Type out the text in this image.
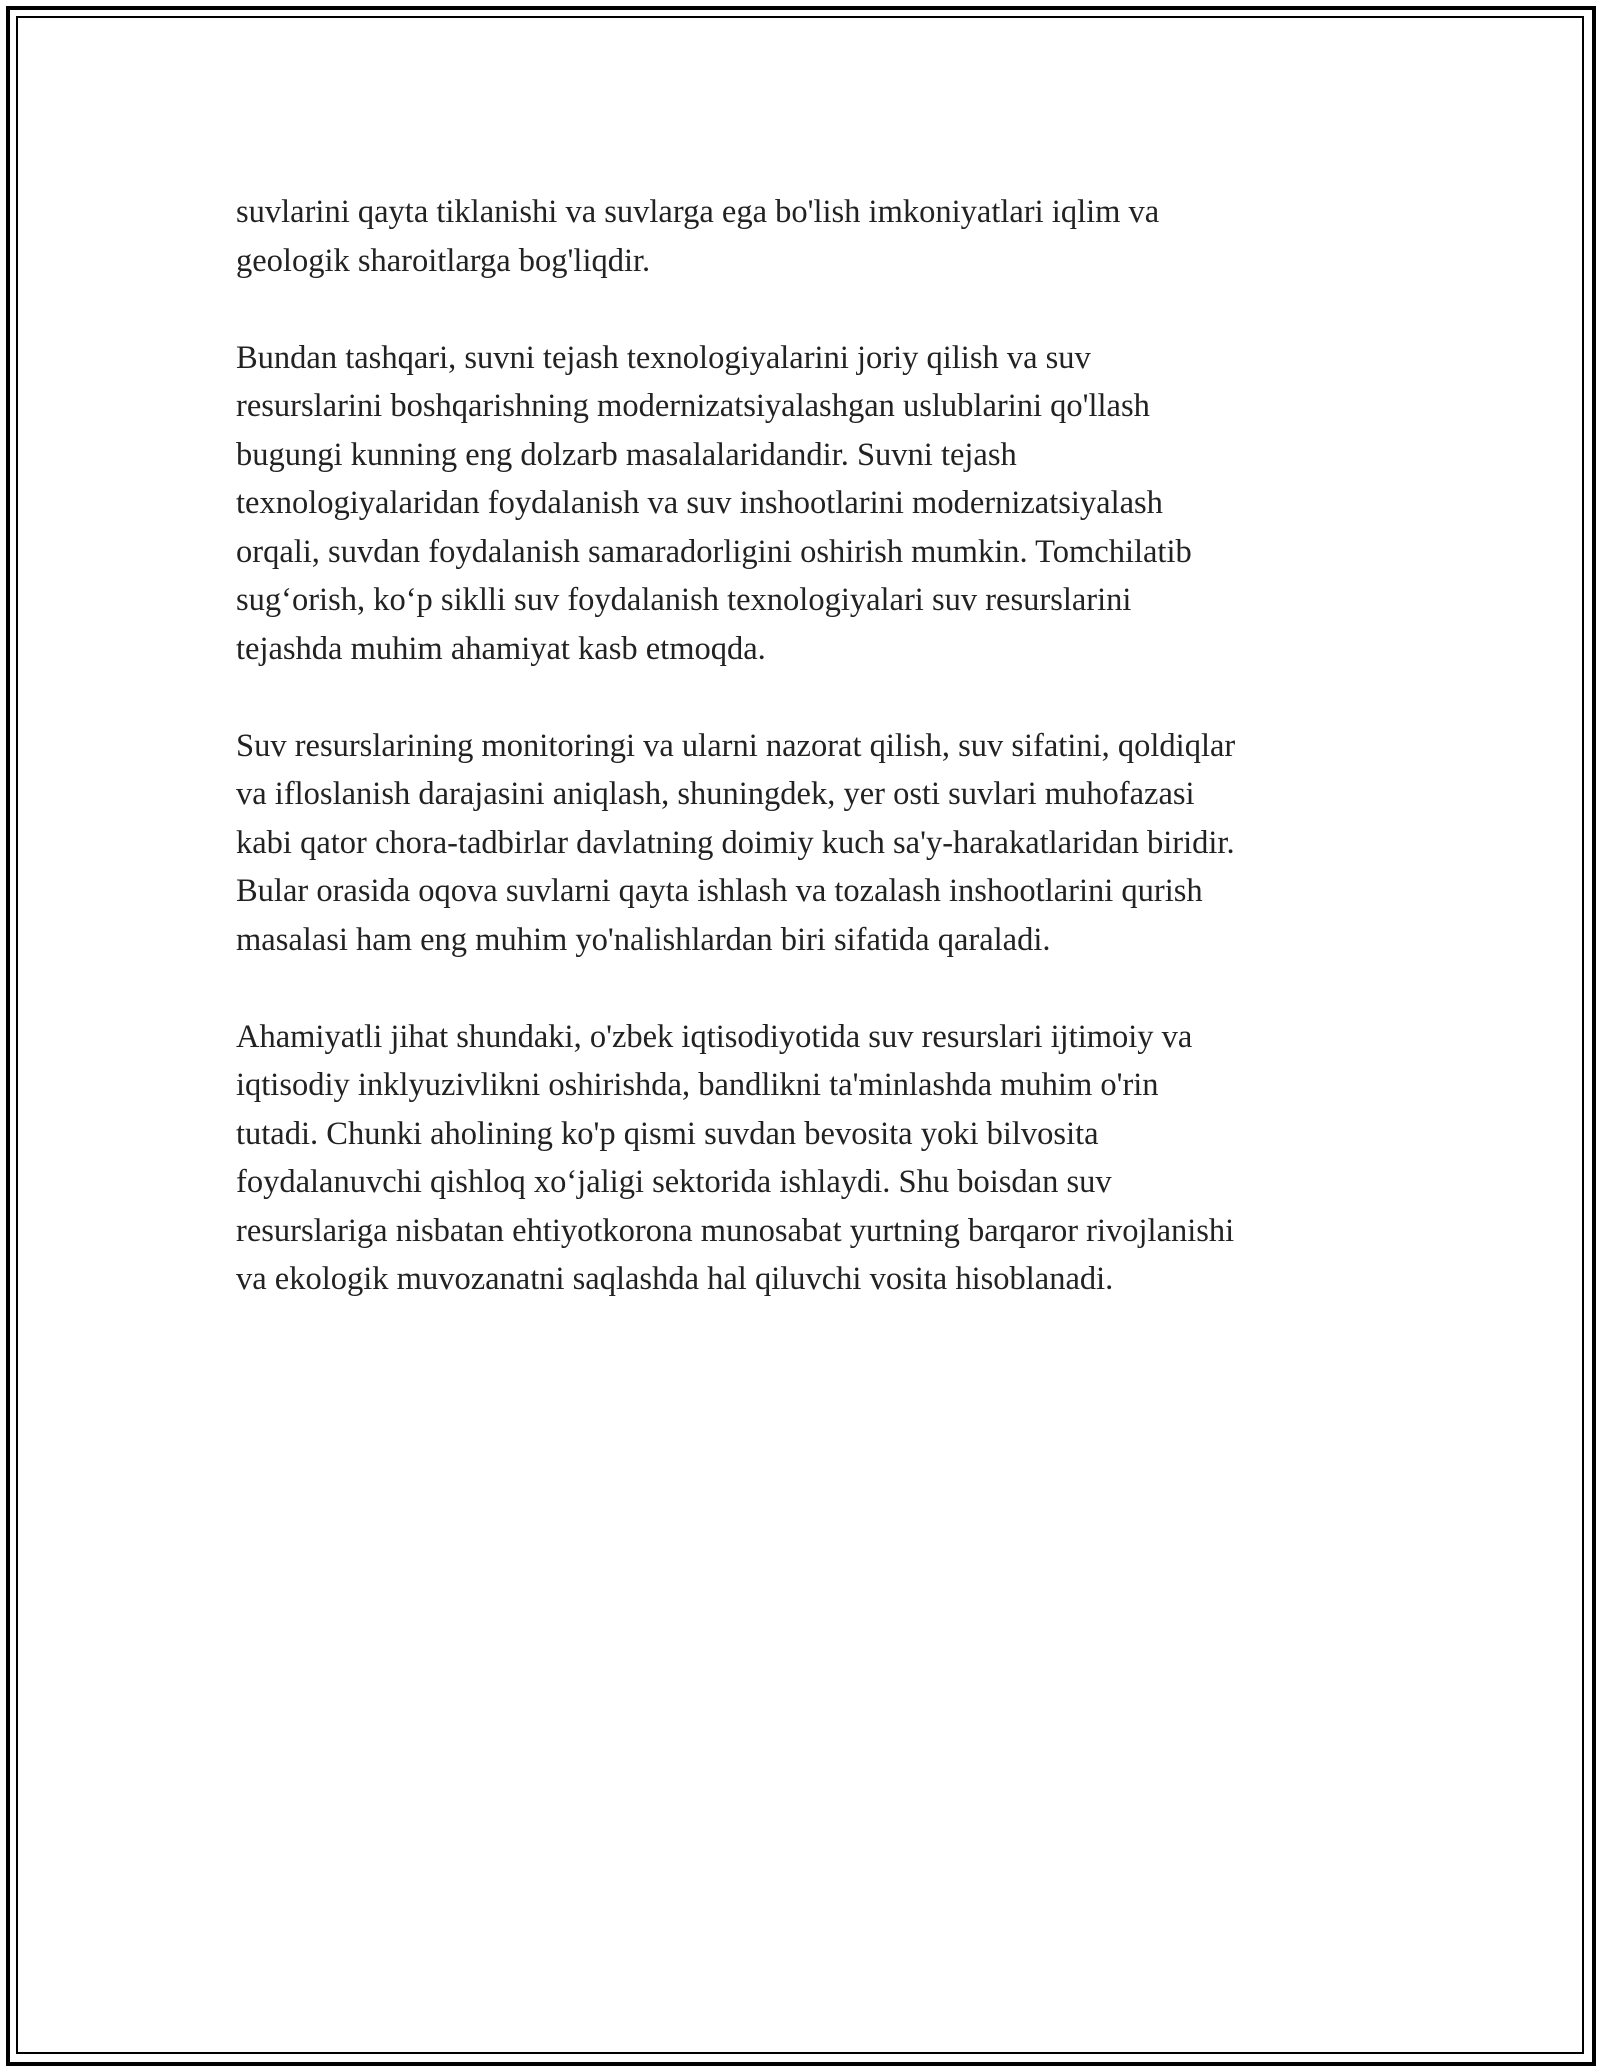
suvlarini qayta tiklanishi va suvlarga ega bo'lish imkoniyatlari iqlim va
geologik sharoitlarga bog'liqdir.

Bundan tashqari, suvni tejash texnologiyalarini joriy qilish va suv
resurslarini boshqarishning modernizatsiyalashgan uslublarini qo'llash
bugungi kunning eng dolzarb masalalaridandir. Suvni tejash
texnologiyalaridan foydalanish va suv inshootlarini modernizatsiyalash
orqali, suvdan foydalanish samaradorligini oshirish mumkin. Tomchilatib
sug‘orish, ko‘p siklli suv foydalanish texnologiyalari suv resurslarini
tejashda muhim ahamiyat kasb etmoqda.

Suv resurslarining monitoringi va ularni nazorat qilish, suv sifatini, qoldiqlar
va ifloslanish darajasini aniqlash, shuningdek, yer osti suvlari muhofazasi
kabi qator chora-tadbirlar davlatning doimiy kuch sa'y-harakatlaridan biridir.
Bular orasida oqova suvlarni qayta ishlash va tozalash inshootlarini qurish
masalasi ham eng muhim yo'nalishlardan biri sifatida qaraladi.

Ahamiyatli jihat shundaki, o'zbek iqtisodiyotida suv resurslari ijtimoiy va
iqtisodiy inklyuzivlikni oshirishda, bandlikni ta'minlashda muhim o'rin
tutadi. Chunki aholining ko'p qismi suvdan bevosita yoki bilvosita
foydalanuvchi qishloq xo‘jaligi sektorida ishlaydi. Shu boisdan suv
resurslariga nisbatan ehtiyotkorona munosabat yurtning barqaror rivojlanishi
va ekologik muvozanatni saqlashda hal qiluvchi vosita hisoblanadi.
